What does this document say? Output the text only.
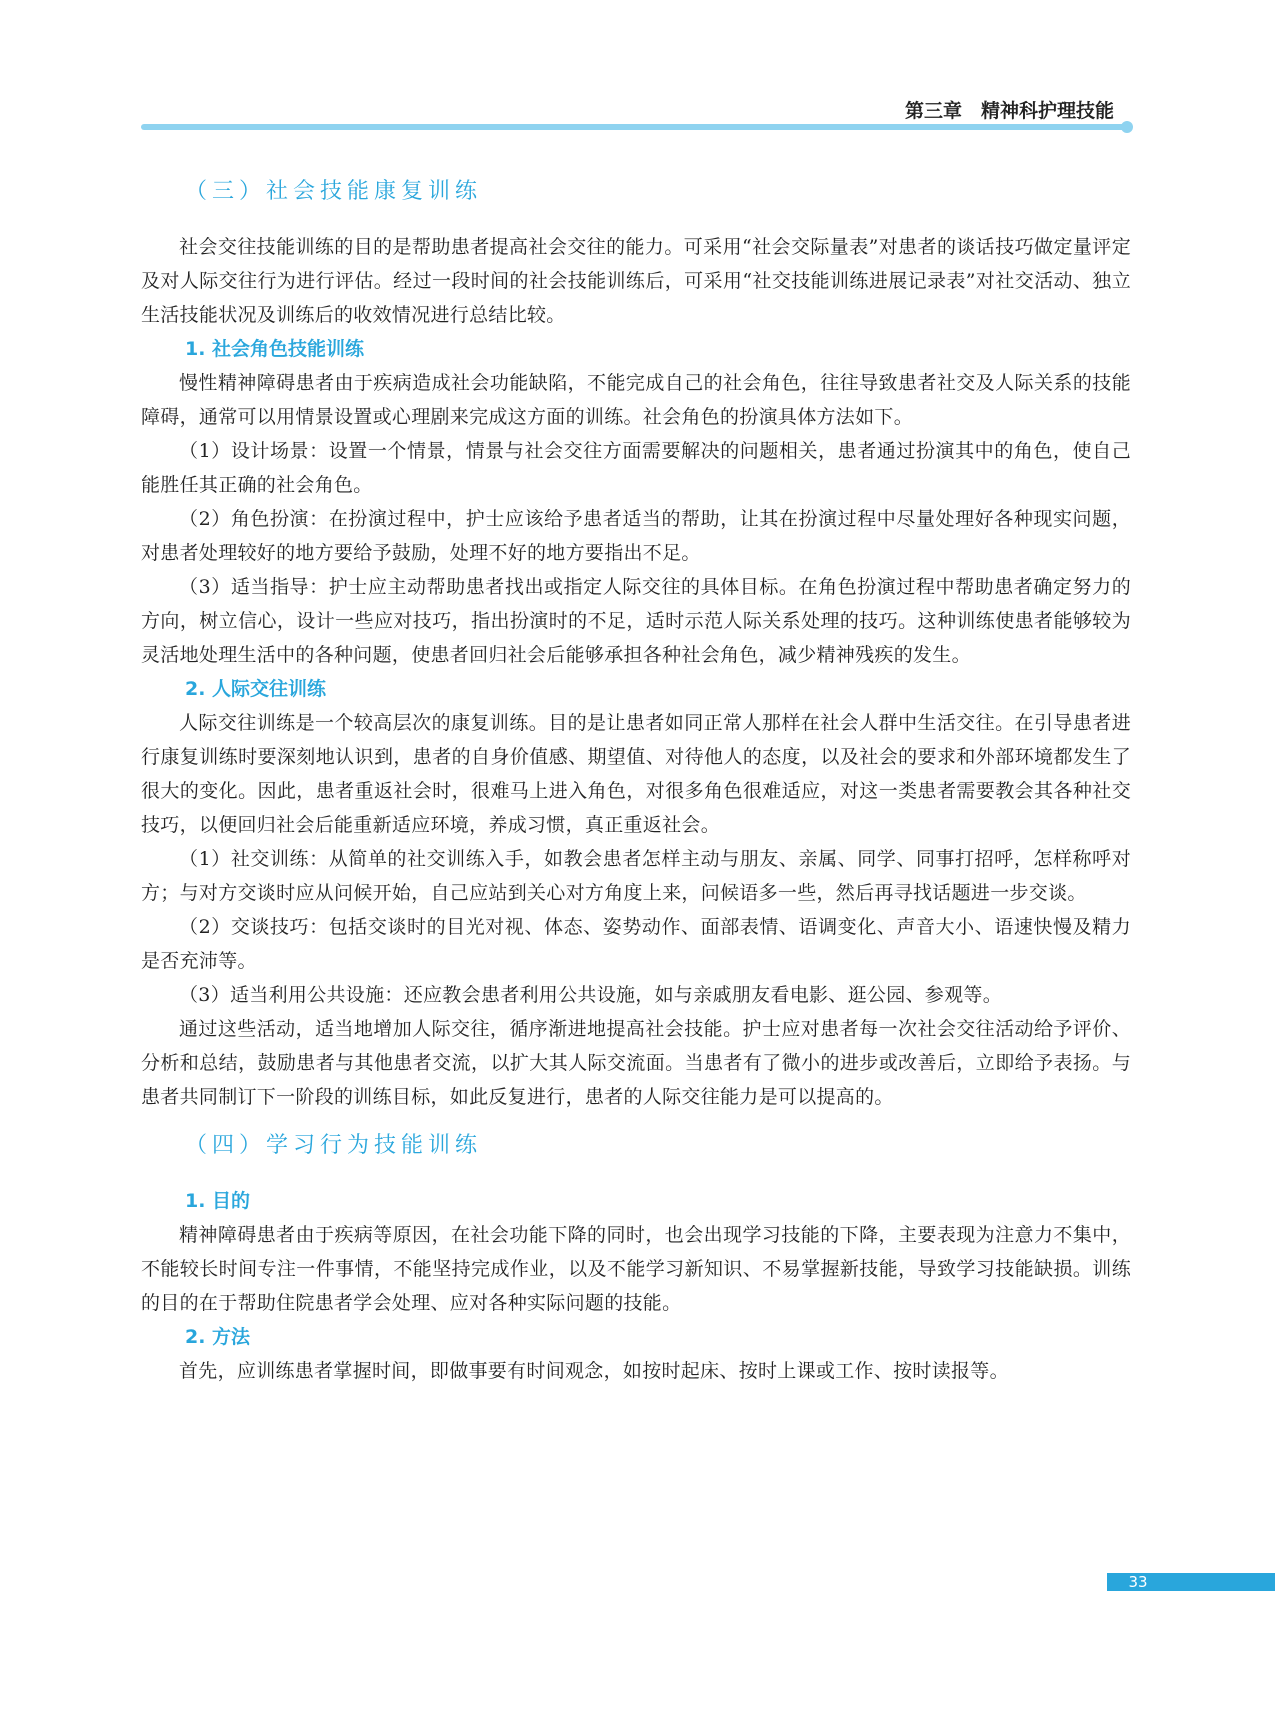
第三章　精神科护理技能
（三）社会技能康复训练

社会交往技能训练的目的是帮助患者提高社会交往的能力。可采用“社会交际量表”对患者的谈话技巧做定量评定及对人际交往行为进行评估。经过一段时间的社会技能训练后，可采用“社交技能训练进展记录表”对社交活动、独立生活技能状况及训练后的收效情况进行总结比较。

1. 社会角色技能训练

慢性精神障碍患者由于疾病造成社会功能缺陷，不能完成自己的社会角色，往往导致患者社交及人际关系的技能障碍，通常可以用情景设置或心理剧来完成这方面的训练。社会角色的扮演具体方法如下。

（1）设计场景：设置一个情景，情景与社会交往方面需要解决的问题相关，患者通过扮演其中的角色，使自己能胜任其正确的社会角色。

（2）角色扮演：在扮演过程中，护士应该给予患者适当的帮助，让其在扮演过程中尽量处理好各种现实问题，对患者处理较好的地方要给予鼓励，处理不好的地方要指出不足。

（3）适当指导：护士应主动帮助患者找出或指定人际交往的具体目标。在角色扮演过程中帮助患者确定努力的方向，树立信心，设计一些应对技巧，指出扮演时的不足，适时示范人际关系处理的技巧。这种训练使患者能够较为灵活地处理生活中的各种问题，使患者回归社会后能够承担各种社会角色，减少精神残疾的发生。

2. 人际交往训练

人际交往训练是一个较高层次的康复训练。目的是让患者如同正常人那样在社会人群中生活交往。在引导患者进行康复训练时要深刻地认识到，患者的自身价值感、期望值、对待他人的态度，以及社会的要求和外部环境都发生了很大的变化。因此，患者重返社会时，很难马上进入角色，对很多角色很难适应，对这一类患者需要教会其各种社交技巧，以便回归社会后能重新适应环境，养成习惯，真正重返社会。

（1）社交训练：从简单的社交训练入手，如教会患者怎样主动与朋友、亲属、同学、同事打招呼，怎样称呼对方；与对方交谈时应从问候开始，自己应站到关心对方角度上来，问候语多一些，然后再寻找话题进一步交谈。

（2）交谈技巧：包括交谈时的目光对视、体态、姿势动作、面部表情、语调变化、声音大小、语速快慢及精力是否充沛等。

（3）适当利用公共设施：还应教会患者利用公共设施，如与亲戚朋友看电影、逛公园、参观等。

通过这些活动，适当地增加人际交往，循序渐进地提高社会技能。护士应对患者每一次社会交往活动给予评价、分析和总结，鼓励患者与其他患者交流，以扩大其人际交流面。当患者有了微小的进步或改善后，立即给予表扬。与患者共同制订下一阶段的训练目标，如此反复进行，患者的人际交往能力是可以提高的。

（四）学习行为技能训练
1. 目的

精神障碍患者由于疾病等原因，在社会功能下降的同时，也会出现学习技能的下降，主要表现为注意力不集中，不能较长时间专注一件事情，不能坚持完成作业，以及不能学习新知识、不易掌握新技能，导致学习技能缺损。训练的目的在于帮助住院患者学会处理、应对各种实际问题的技能。

2. 方法

首先，应训练患者掌握时间，即做事要有时间观念，如按时起床、按时上课或工作、按时读报等。

33
